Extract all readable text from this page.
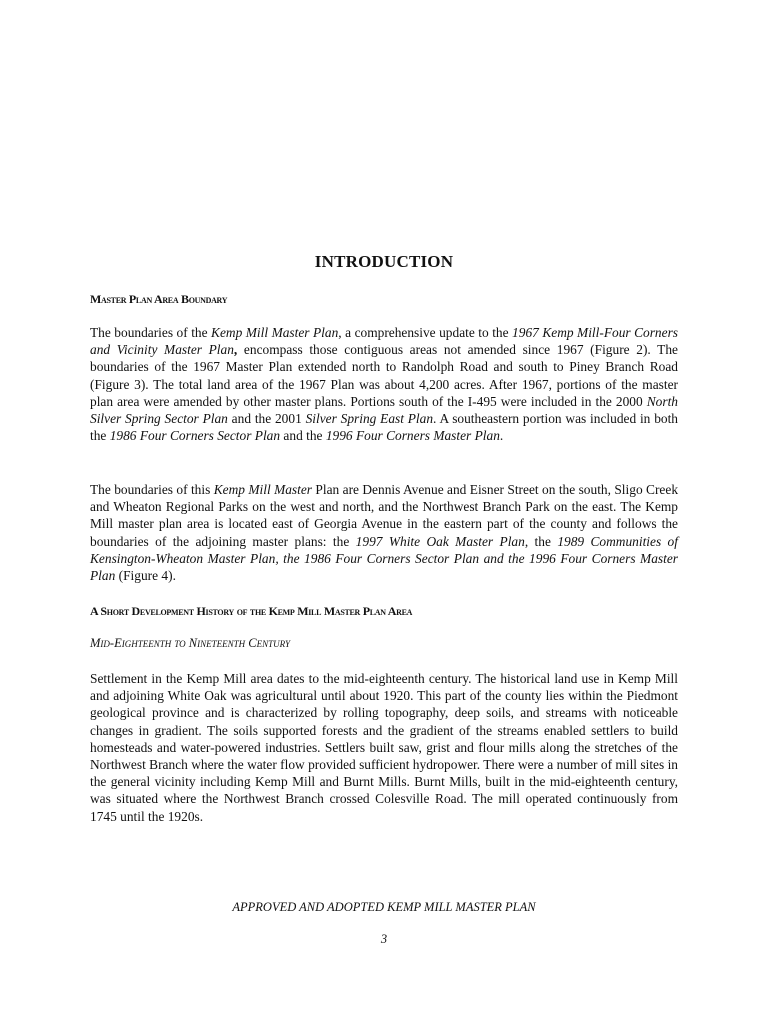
INTRODUCTION
Master Plan Area Boundary
The boundaries of the Kemp Mill Master Plan, a comprehensive update to the 1967 Kemp Mill-Four Corners and Vicinity Master Plan, encompass those contiguous areas not amended since 1967 (Figure 2). The boundaries of the 1967 Master Plan extended north to Randolph Road and south to Piney Branch Road (Figure 3). The total land area of the 1967 Plan was about 4,200 acres. After 1967, portions of the master plan area were amended by other master plans. Portions south of the I-495 were included in the 2000 North Silver Spring Sector Plan and the 2001 Silver Spring East Plan. A southeastern portion was included in both the 1986 Four Corners Sector Plan and the 1996 Four Corners Master Plan.
The boundaries of this Kemp Mill Master Plan are Dennis Avenue and Eisner Street on the south, Sligo Creek and Wheaton Regional Parks on the west and north, and the Northwest Branch Park on the east. The Kemp Mill master plan area is located east of Georgia Avenue in the eastern part of the county and follows the boundaries of the adjoining master plans: the 1997 White Oak Master Plan, the 1989 Communities of Kensington-Wheaton Master Plan, the 1986 Four Corners Sector Plan and the 1996 Four Corners Master Plan (Figure 4).
A Short Development History of the Kemp Mill Master Plan Area
Mid-Eighteenth to Nineteenth Century
Settlement in the Kemp Mill area dates to the mid-eighteenth century. The historical land use in Kemp Mill and adjoining White Oak was agricultural until about 1920. This part of the county lies within the Piedmont geological province and is characterized by rolling topography, deep soils, and streams with noticeable changes in gradient. The soils supported forests and the gradient of the streams enabled settlers to build homesteads and water-powered industries. Settlers built saw, grist and flour mills along the stretches of the Northwest Branch where the water flow provided sufficient hydropower. There were a number of mill sites in the general vicinity including Kemp Mill and Burnt Mills. Burnt Mills, built in the mid-eighteenth century, was situated where the Northwest Branch crossed Colesville Road. The mill operated continuously from 1745 until the 1920s.
APPROVED AND ADOPTED KEMP MILL MASTER PLAN
3
